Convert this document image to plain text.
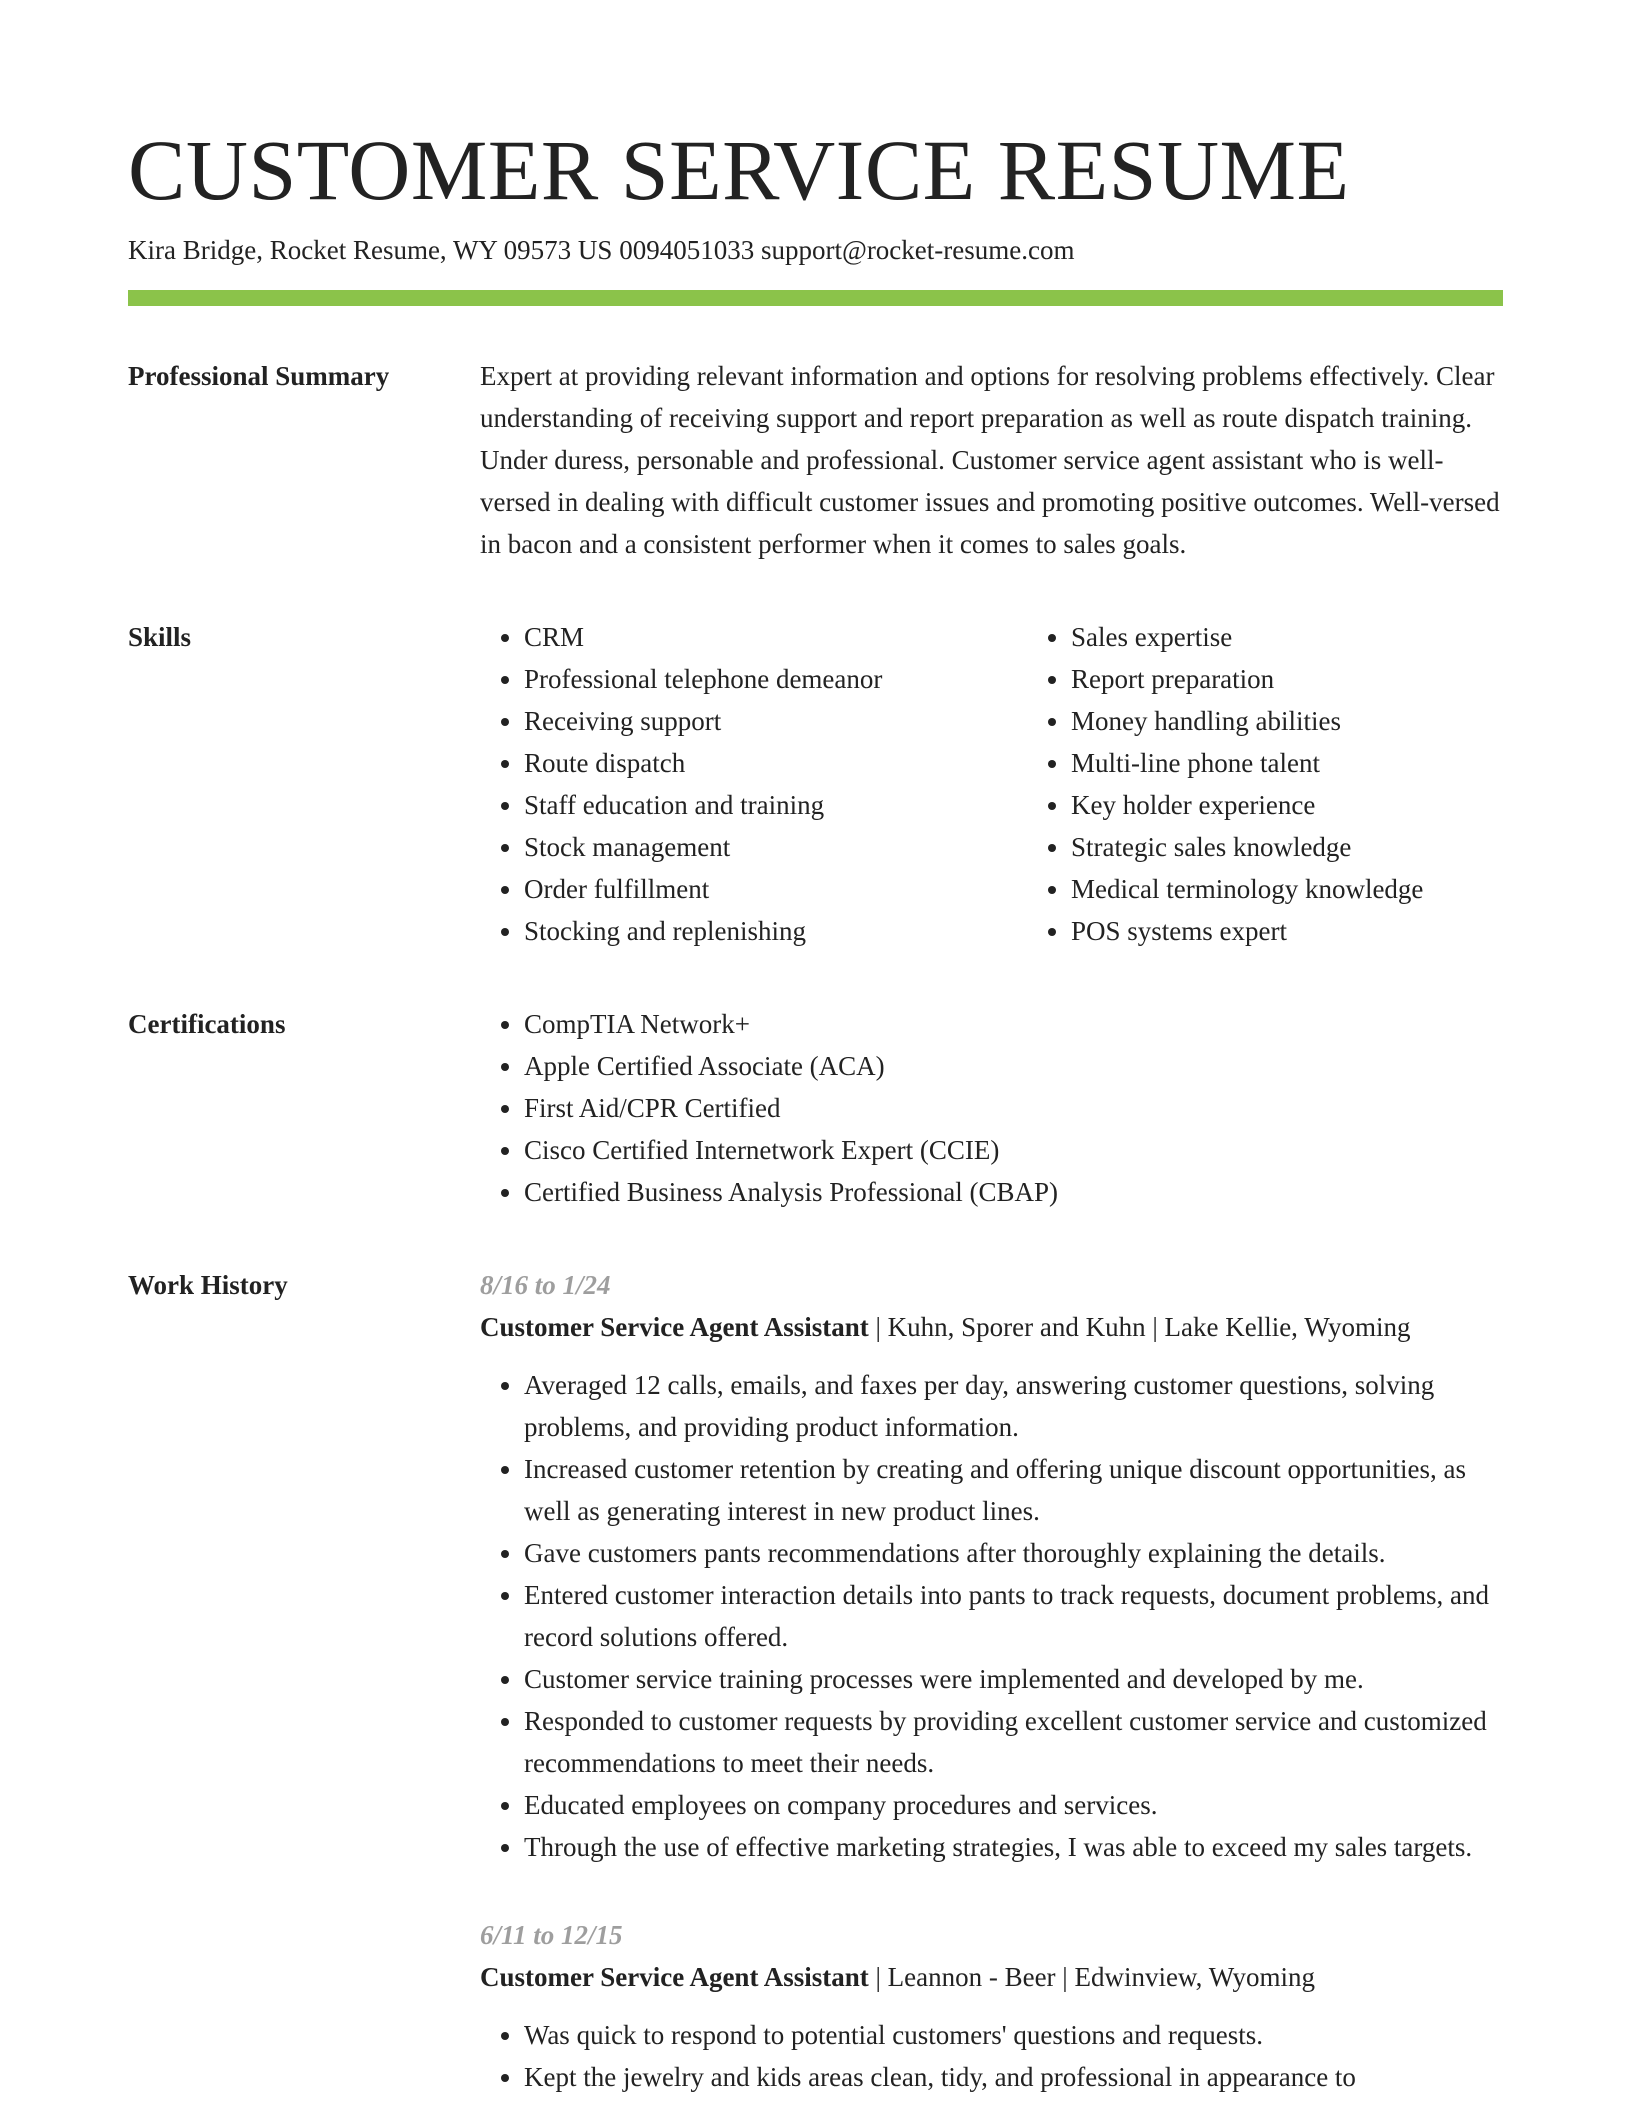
CUSTOMER SERVICE RESUME
Kira Bridge, Rocket Resume, WY 09573 US 0094051033 support@rocket-resume.com
Professional Summary	Expert at providing relevant information and options for resolving problems effectively. Clear understanding of receiving support and report preparation as well as route dispatch training. Under duress, personable and professional. Customer service agent assistant who is well-versed in dealing with difficult customer issues and promoting positive outcomes. Well-versed in bacon and a consistent performer when it comes to sales goals.

Skills	• CRM
• Professional telephone demeanor
• Receiving support
• Route dispatch
• Staff education and training
• Stock management
• Order fulfillment
• Stocking and replenishing
• Sales expertise
• Report preparation
• Money handling abilities
• Multi-line phone talent
• Key holder experience
• Strategic sales knowledge
• Medical terminology knowledge
• POS systems expert
Certifications	• CompTIA Network+
• Apple Certified Associate (ACA)
• First Aid/CPR Certified
• Cisco Certified Internetwork Expert (CCIE)
• Certified Business Analysis Professional (CBAP)
Work History	8/16 to 1/24
Customer Service Agent Assistant | Kuhn, Sporer and Kuhn | Lake Kellie, Wyoming
• Averaged 12 calls, emails, and faxes per day, answering customer questions, solving problems, and providing product information.
• Increased customer retention by creating and offering unique discount opportunities, as well as generating interest in new product lines.
• Gave customers pants recommendations after thoroughly explaining the details.
• Entered customer interaction details into pants to track requests, document problems, and record solutions offered.
• Customer service training processes were implemented and developed by me.
• Responded to customer requests by providing excellent customer service and customized recommendations to meet their needs.
• Educated employees on company procedures and services.
• Through the use of effective marketing strategies, I was able to exceed my sales targets.
6/11 to 12/15
Customer Service Agent Assistant | Leannon - Beer | Edwinview, Wyoming
• Was quick to respond to potential customers' questions and requests.
• Kept the jewelry and kids areas clean, tidy, and professional in appearance to
